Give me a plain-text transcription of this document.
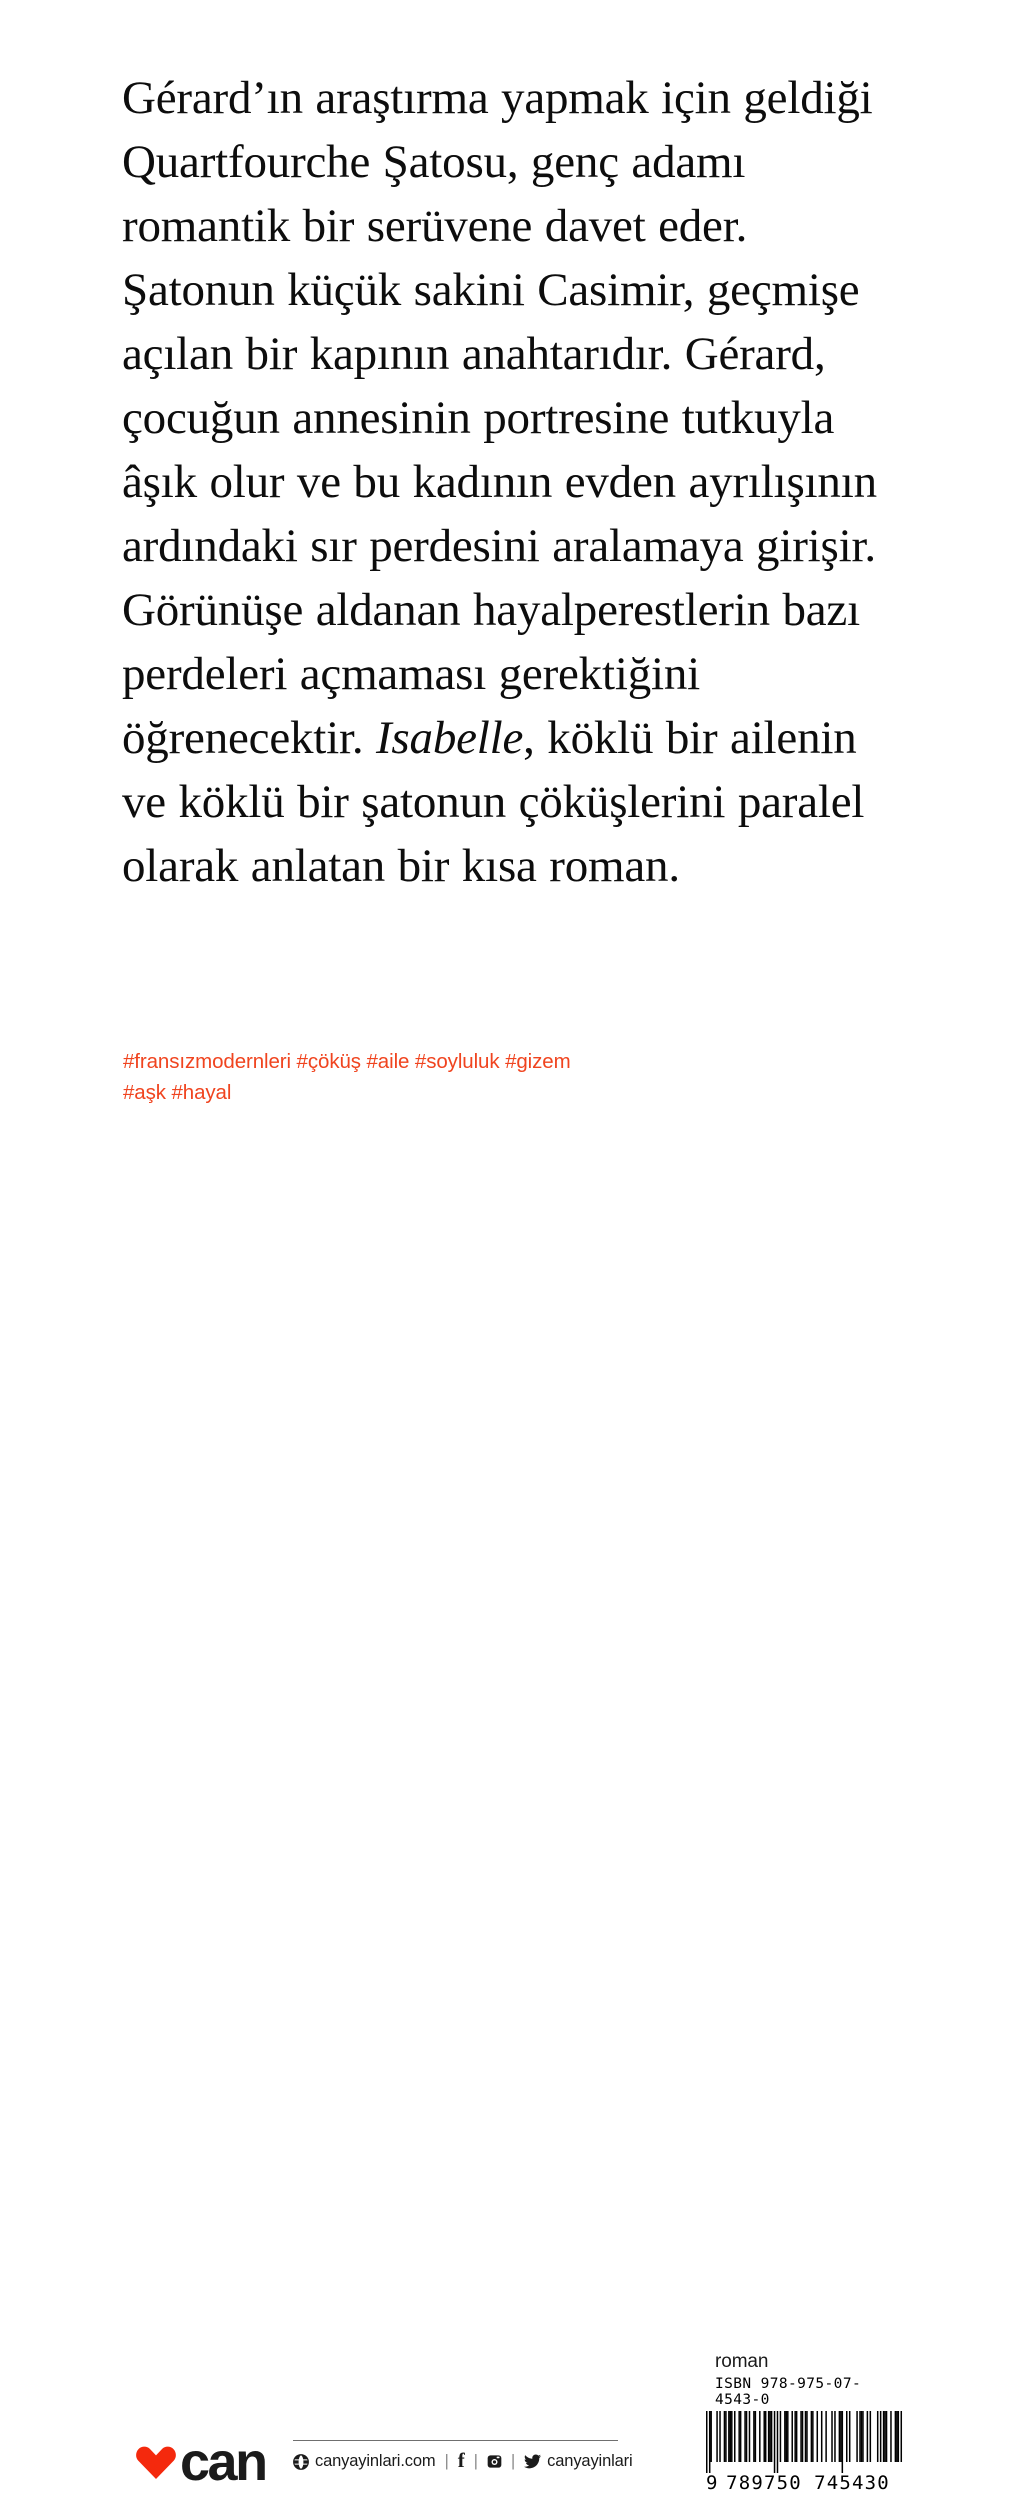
Gérard’ın araştırma yapmak için geldiği Quartfourche Şatosu, genç adamı romantik bir serüvene davet eder. Şatonun küçük sakini Casimir, geçmişe açılan bir kapının anahtarıdır. Gérard, çocuğun annesinin portresine tutkuyla âşık olur ve bu kadının evden ayrılışının ardındaki sır perdesini aralamaya girişir. Görünüşe aldanan hayalperestlerin bazı perdeleri açmaması gerektiğini öğrenecektir. Isabelle, köklü bir ailenin ve köklü bir şatonun çöküşlerini paralel olarak anlatan bir kısa roman.
#fransızmodernleri #çöküş #aile #soyluluk #gizem
#aşk #hayal
can	canyayinlari.com | f |	|	canyayinlari
roman
ISBN 978-975-07-4543-0
9 789750 745430
